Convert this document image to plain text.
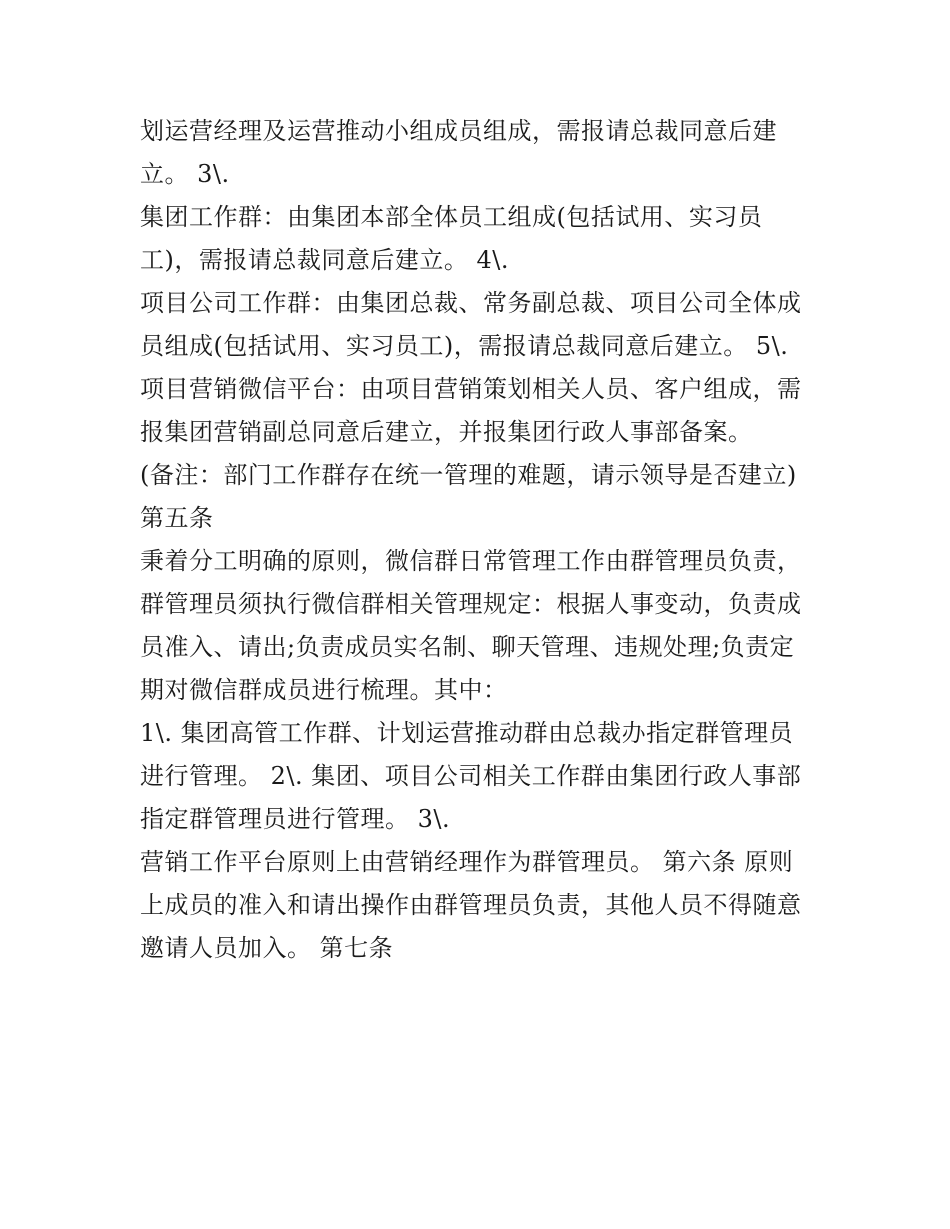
划运营经理及运营推动小组成员组成，需报请总裁同意后建
立。 3\.
集团工作群：由集团本部全体员工组成(包括试用、实习员
工)，需报请总裁同意后建立。 4\.
项目公司工作群：由集团总裁、常务副总裁、项目公司全体成
员组成(包括试用、实习员工)，需报请总裁同意后建立。 5\.
项目营销微信平台：由项目营销策划相关人员、客户组成，需
报集团营销副总同意后建立，并报集团行政人事部备案。
(备注：部门工作群存在统一管理的难题，请示领导是否建立)
第五条
秉着分工明确的原则，微信群日常管理工作由群管理员负责，
群管理员须执行微信群相关管理规定：根据人事变动，负责成
员准入、请出;负责成员实名制、聊天管理、违规处理;负责定
期对微信群成员进行梳理。其中：
1\. 集团高管工作群、计划运营推动群由总裁办指定群管理员
进行管理。 2\. 集团、项目公司相关工作群由集团行政人事部
指定群管理员进行管理。 3\.
营销工作平台原则上由营销经理作为群管理员。 第六条 原则
上成员的准入和请出操作由群管理员负责，其他人员不得随意
邀请人员加入。 第七条
